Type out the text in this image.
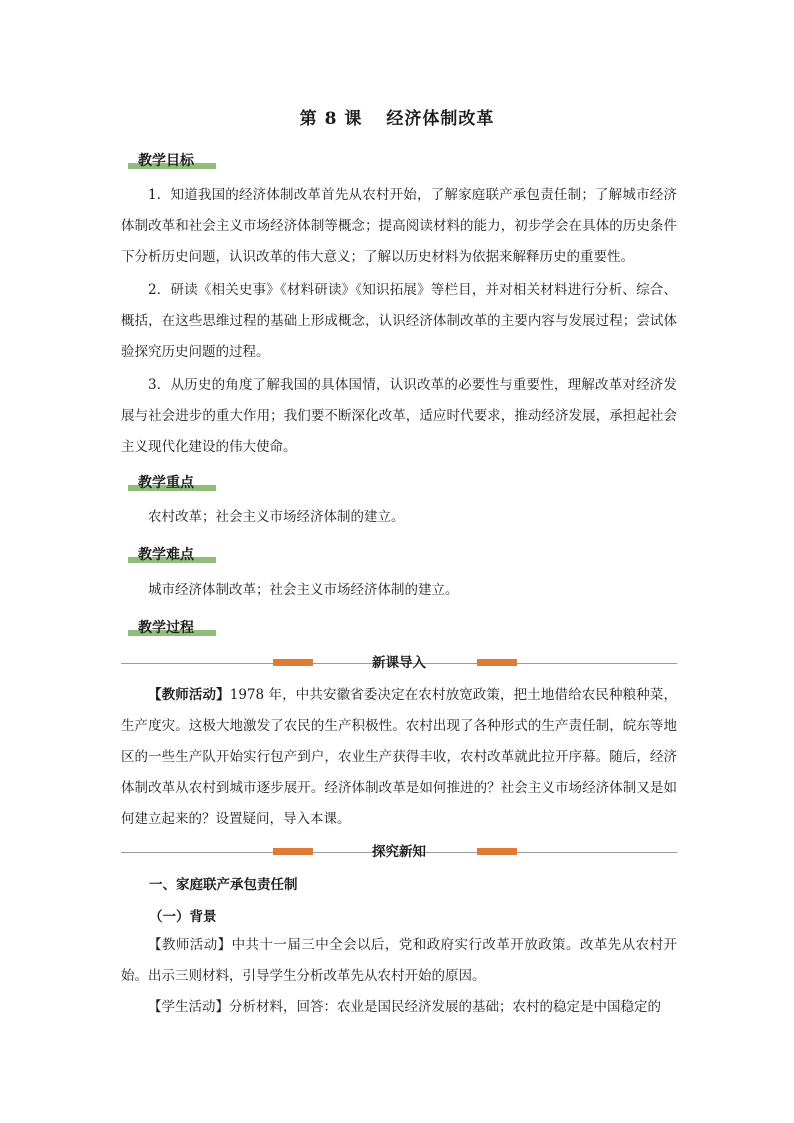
第 8 课 经济体制改革
教学目标
1．知道我国的经济体制改革首先从农村开始，了解家庭联产承包责任制；了解城市经济体制改革和社会主义市场经济体制等概念；提高阅读材料的能力，初步学会在具体的历史条件下分析历史问题，认识改革的伟大意义；了解以历史材料为依据来解释历史的重要性。
2．研读《相关史事》《材料研读》《知识拓展》等栏目，并对相关材料进行分析、综合、概括，在这些思维过程的基础上形成概念，认识经济体制改革的主要内容与发展过程；尝试体验探究历史问题的过程。
3．从历史的角度了解我国的具体国情，认识改革的必要性与重要性，理解改革对经济发展与社会进步的重大作用；我们要不断深化改革，适应时代要求，推动经济发展，承担起社会主义现代化建设的伟大使命。
教学重点
农村改革；社会主义市场经济体制的建立。
教学难点
城市经济体制改革；社会主义市场经济体制的建立。
教学过程
新课导入
【教师活动】1978 年，中共安徽省委决定在农村放宽政策，把土地借给农民种粮种菜，生产度灾。这极大地激发了农民的生产积极性。农村出现了各种形式的生产责任制，皖东等地区的一些生产队开始实行包产到户，农业生产获得丰收，农村改革就此拉开序幕。随后，经济体制改革从农村到城市逐步展开。经济体制改革是如何推进的？社会主义市场经济体制又是如何建立起来的？设置疑问，导入本课。
探究新知
一、家庭联产承包责任制
（一）背景
【教师活动】中共十一届三中全会以后，党和政府实行改革开放政策。改革先从农村开始。出示三则材料，引导学生分析改革先从农村开始的原因。
【学生活动】分析材料，回答：农业是国民经济发展的基础；农村的稳定是中国稳定的
